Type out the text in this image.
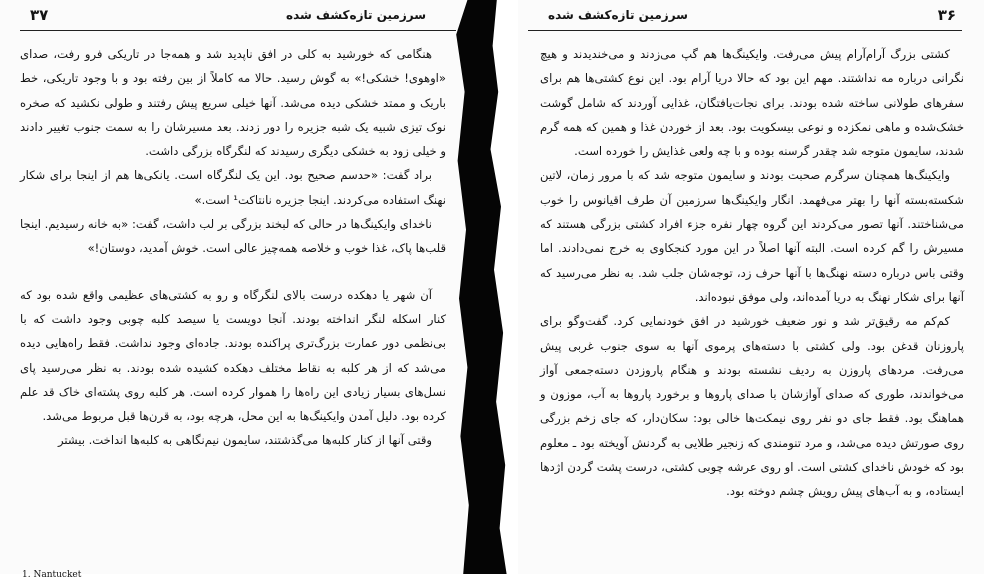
۳۷	سرزمین تازه‌کشف شده

هنگامی که خورشید به کلی در افق ناپدید شد و همه‌جا در تاریکی فرو رفت، صدای «اوهوی! خشکی!» به گوش رسید. حالا مه کاملاً از بین رفته بود و با وجود تاریکی، خط باریک و ممتد خشکی دیده می‌شد. آنها خیلی سریع پیش رفتند و طولی نکشید که صخره نوک تیزی شبیه یک شبه جزیره را دور زدند. بعد مسیرشان را به سمت جنوب تغییر دادند و خیلی زود به خشکی دیگری رسیدند که لنگرگاه بزرگی داشت.

براد گفت: «حدسم صحیح بود. این یک لنگرگاه است. یانکی‌ها هم از اینجا برای شکار نهنگ استفاده می‌کردند. اینجا جزیره نانتاکت¹ است.»

ناخدای وایکینگ‌ها در حالی که لبخند بزرگی بر لب داشت، گفت: «به خانه رسیدیم. اینجا قلب‌ها پاک، غذا خوب و خلاصه همه‌چیز عالی است. خوش آمدید، دوستان!»

آن شهر یا دهکده درست بالای لنگرگاه و رو به کشتی‌های عظیمی واقع شده بود که کنار اسکله لنگر انداخته بودند. آنجا دویست یا سیصد کلبه چوبی وجود داشت که با بی‌نظمی دور عمارت بزرگ‌تری پراکنده بودند. جاده‌ای وجود نداشت. فقط راه‌هایی دیده می‌شد که از هر کلبه به نقاط مختلف دهکده کشیده شده بودند. به نظر می‌رسید پای نسل‌های بسیار زیادی این راه‌ها را هموار کرده است. هر کلبه روی پشته‌ای خاک قد علم کرده بود. دلیل آمدن وایکینگ‌ها به این محل، هرچه بود، به قرن‌ها قبل مربوط می‌شد.

وقتی آنها از کنار کلبه‌ها می‌گذشتند، سایمون نیم‌نگاهی به کلبه‌ها انداخت. بیشتر

1. Nantucket
سرزمین تازه‌کشف شده	۳۶

کشتی بزرگ آرام‌آرام پیش می‌رفت. وایکینگ‌ها هم گپ می‌زدند و می‌خندیدند و هیچ نگرانی درباره مه نداشتند. مهم این بود که حالا دریا آرام بود. این نوع کشتی‌ها هم برای سفرهای طولانی ساخته شده بودند. برای نجات‌یافتگان، غذایی آوردند که شامل گوشت خشک‌شده و ماهی نمکزده و نوعی بیسکویت بود. بعد از خوردن غذا و همین که همه گرم شدند، سایمون متوجه شد چقدر گرسنه بوده و با چه ولعی غذایش را خورده است.

وایکینگ‌ها همچنان سرگرم صحبت بودند و سایمون متوجه شد که با مرور زمان، لاتین شکسته‌بسته آنها را بهتر می‌فهمد. انگار وایکینگ‌ها سرزمین آن طرف اقیانوس را خوب می‌شناختند. آنها تصور می‌کردند این گروه چهار نفره جزء افراد کشتی بزرگی هستند که مسیرش را گم کرده است. البته آنها اصلاً در این مورد کنجکاوی به خرج نمی‌دادند. اما وقتی باس درباره دسته نهنگ‌ها با آنها حرف زد، توجه‌شان جلب شد. به نظر می‌رسید که آنها برای شکار نهنگ به دریا آمده‌اند، ولی موفق نبوده‌اند.

کم‌کم مه رقیق‌تر شد و نور ضعیف خورشید در افق خودنمایی کرد. گفت‌وگو برای پاروزنان قدغن بود. ولی کشتی با دسته‌های پرموی آنها به سوی جنوب غربی پیش می‌رفت. مردهای پاروزن به ردیف نشسته بودند و هنگام پاروزدن دسته‌جمعی آواز می‌خواندند، طوری که صدای آوازشان با صدای پاروها و برخورد پاروها به آب، موزون و هماهنگ بود. فقط جای دو نفر روی نیمکت‌ها خالی بود: سکان‌دار، که جای زخم بزرگی روی صورتش دیده می‌شد، و مرد تنومندی که زنجیر طلایی به گردنش آویخته بود ـ معلوم بود که خودش ناخدای کشتی است. او روی عرشه چوبی کشتی، درست پشت گردن اژدها ایستاده، و به آب‌های پیش رویش چشم دوخته بود.
